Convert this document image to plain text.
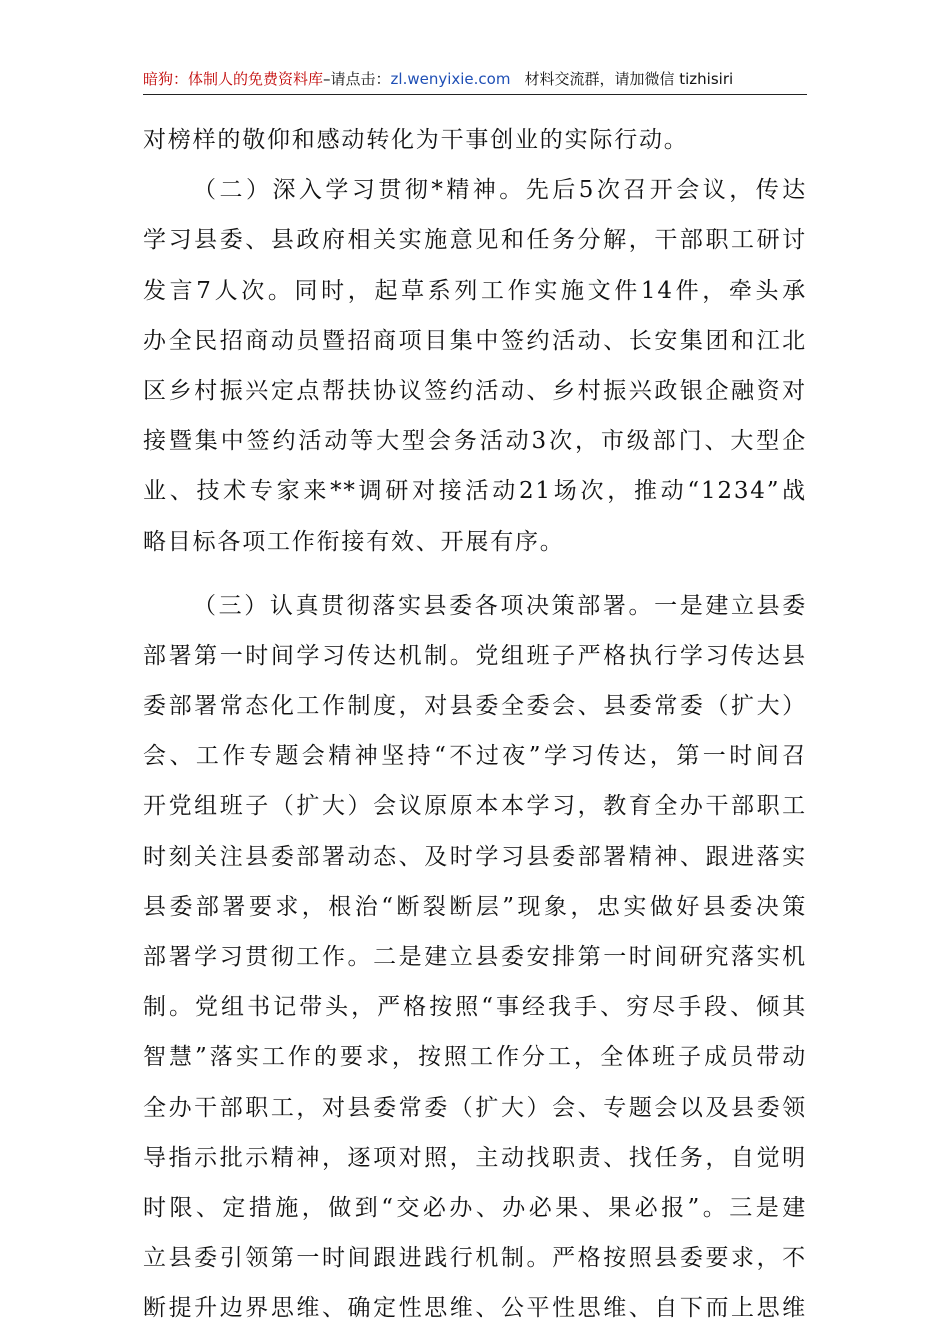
暗狗：体制人的免费资料库–请点击：zl.wenyixie.com 材料交流群，请加微信 tizhisiri
对榜样的敬仰和感动转化为干事创业的实际行动。
（二）深入学习贯彻*精神。先后5次召开会议，传达
学习县委、县政府相关实施意见和任务分解，干部职工研讨
发言7人次。同时，起草系列工作实施文件14件，牵头承
办全民招商动员暨招商项目集中签约活动、长安集团和江北
区乡村振兴定点帮扶协议签约活动、乡村振兴政银企融资对
接暨集中签约活动等大型会务活动3次，市级部门、大型企
业、技术专家来**调研对接活动21场次，推动“1234”战
略目标各项工作衔接有效、开展有序。
（三）认真贯彻落实县委各项决策部署。一是建立县委
部署第一时间学习传达机制。党组班子严格执行学习传达县
委部署常态化工作制度，对县委全委会、县委常委（扩大）
会、工作专题会精神坚持“不过夜”学习传达，第一时间召
开党组班子（扩大）会议原原本本学习，教育全办干部职工
时刻关注县委部署动态、及时学习县委部署精神、跟进落实
县委部署要求，根治“断裂断层”现象，忠实做好县委决策
部署学习贯彻工作。二是建立县委安排第一时间研究落实机
制。党组书记带头，严格按照“事经我手、穷尽手段、倾其
智慧”落实工作的要求，按照工作分工，全体班子成员带动
全办干部职工，对县委常委（扩大）会、专题会以及县委领
导指示批示精神，逐项对照，主动找职责、找任务，自觉明
时限、定措施，做到“交必办、办必果、果必报”。三是建
立县委引领第一时间跟进践行机制。严格按照县委要求，不
断提升边界思维、确定性思维、公平性思维、自下而上思维
